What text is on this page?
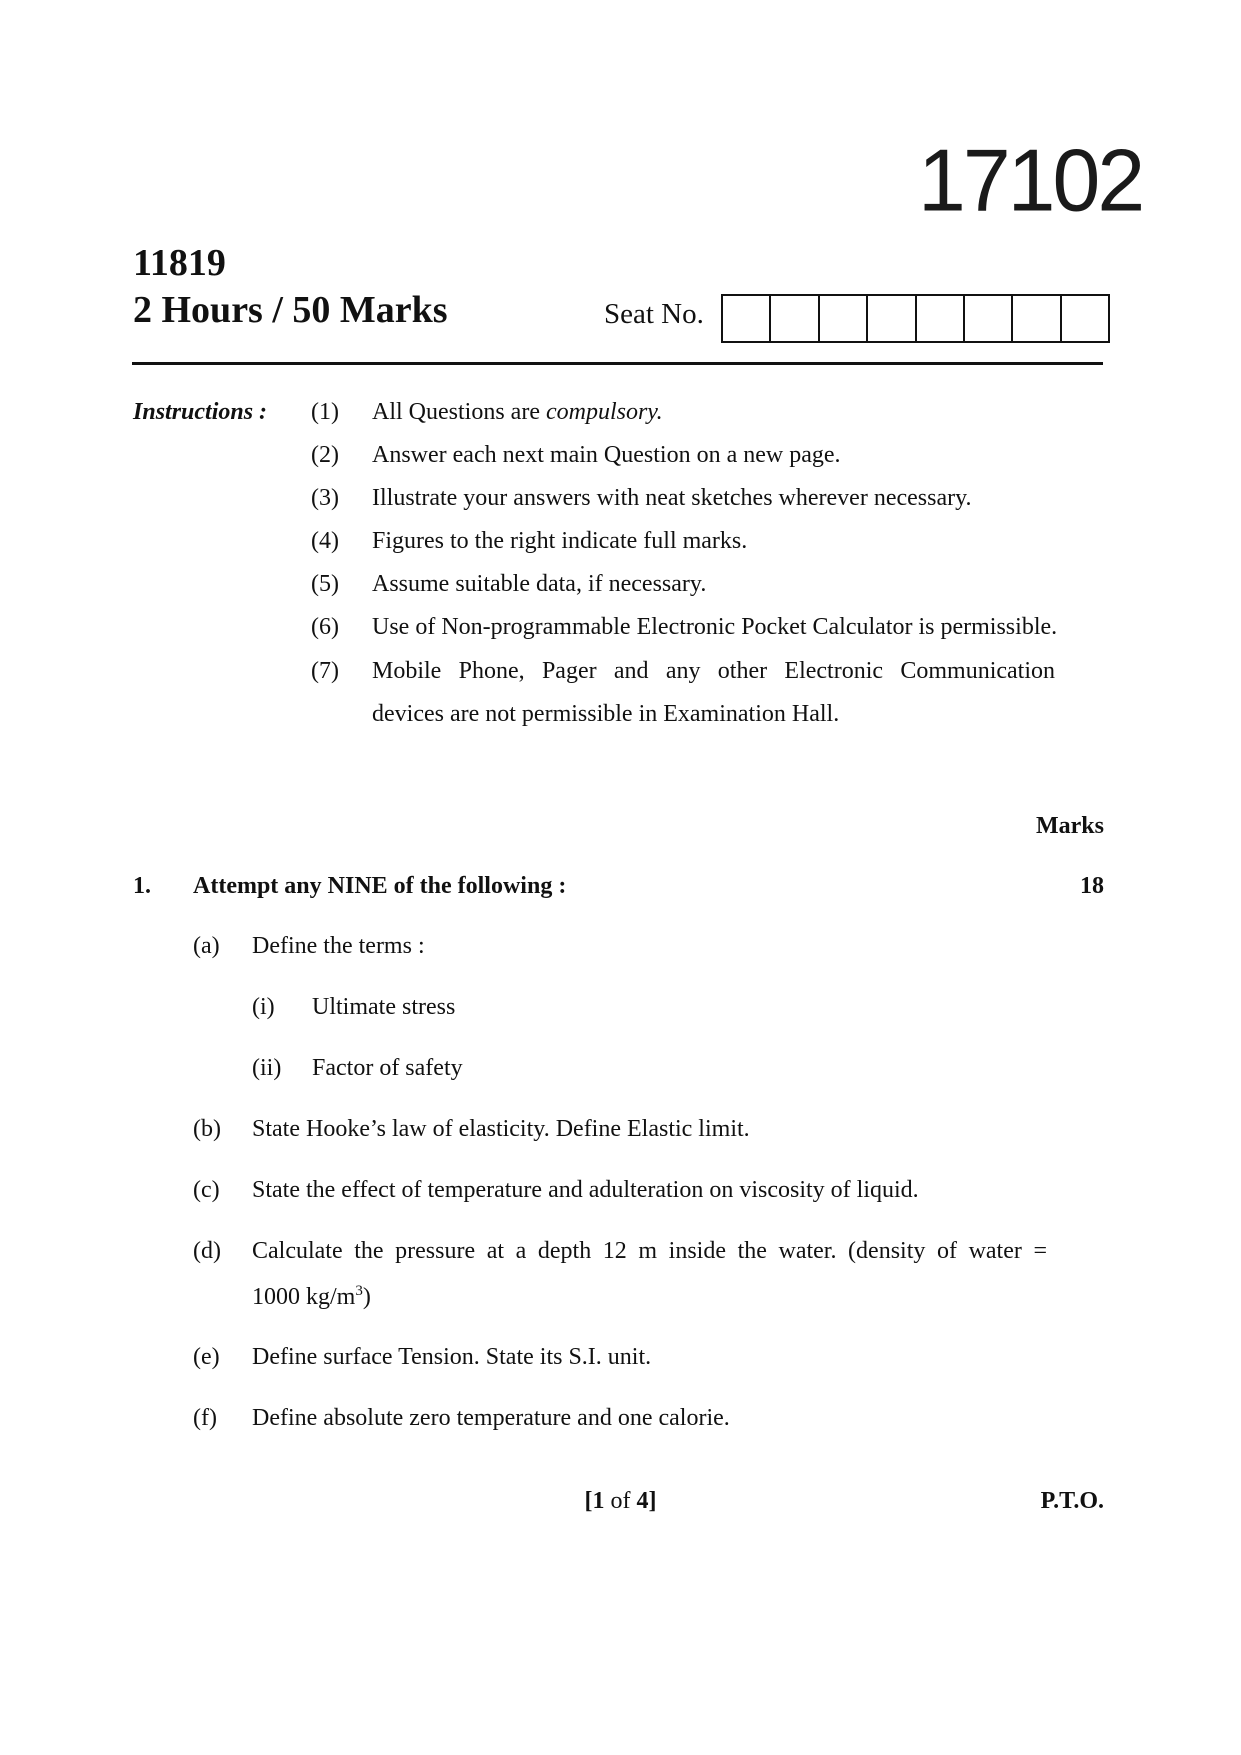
17102
11819
2 Hours / 50 Marks	Seat No.
Instructions : (1) All Questions are compulsory.
(2) Answer each next main Question on a new page.
(3) Illustrate your answers with neat sketches wherever necessary.
(4) Figures to the right indicate full marks.
(5) Assume suitable data, if necessary.
(6) Use of Non-programmable Electronic Pocket Calculator is permissible.
(7) Mobile Phone, Pager and any other Electronic Communication
devices are not permissible in Examination Hall.
Marks
1. Attempt any NINE of the following :	18
(a) Define the terms :
(i) Ultimate stress
(ii) Factor of safety
(b) State Hooke’s law of elasticity. Define Elastic limit.
(c) State the effect of temperature and adulteration on viscosity of liquid.
(d) Calculate the pressure at a depth 12 m inside the water. (density of water =
1000 $kg/m^3$)
(e) Define surface Tension. State its S.I. unit.
(f) Define absolute zero temperature and one calorie.
[1 of 4]	P.T.O.
